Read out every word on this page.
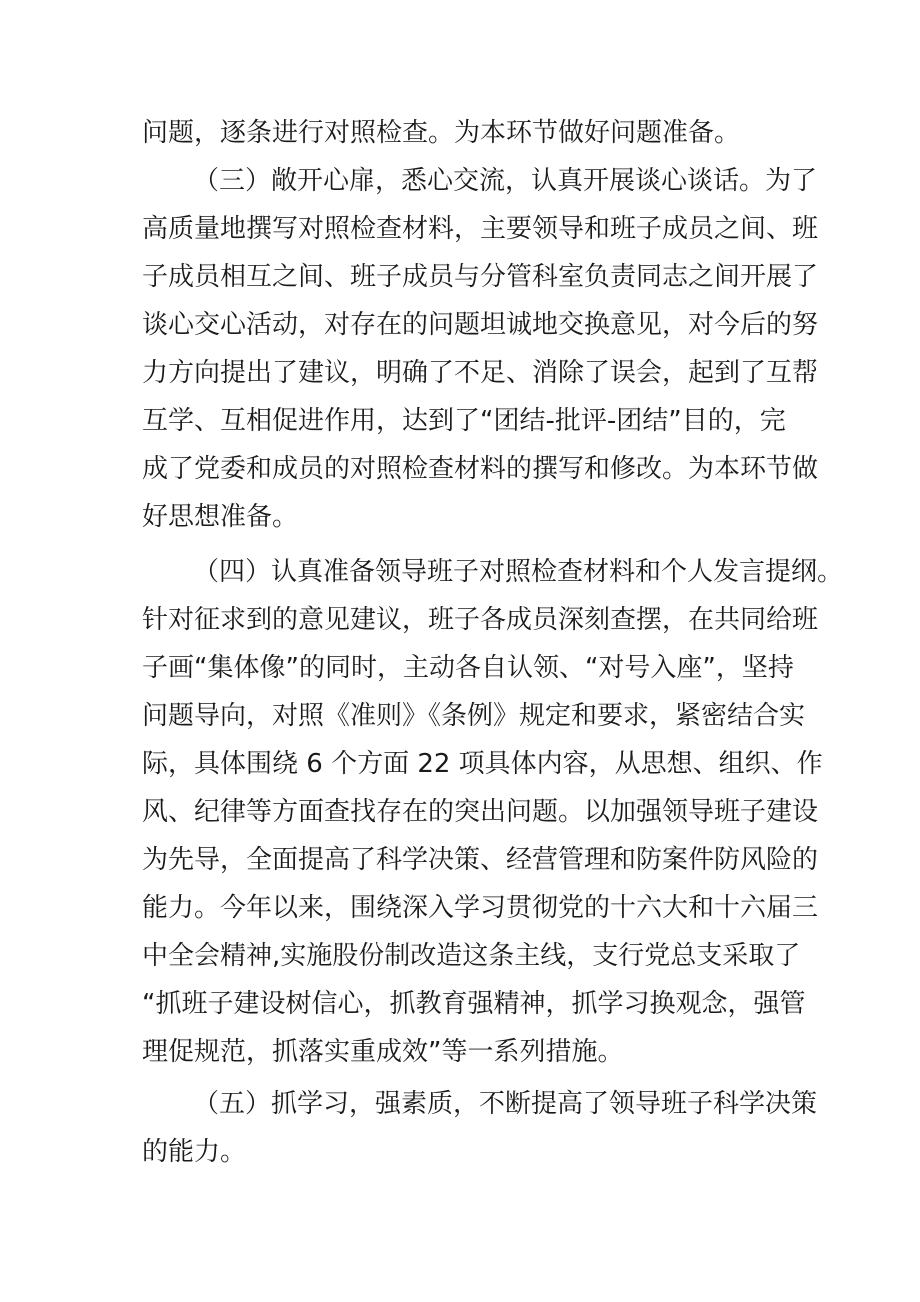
问题，逐条进行对照检查。为本环节做好问题准备。
（三）敞开心扉，悉心交流，认真开展谈心谈话。为了
高质量地撰写对照检查材料，主要领导和班子成员之间、班
子成员相互之间、班子成员与分管科室负责同志之间开展了
谈心交心活动，对存在的问题坦诚地交换意见，对今后的努
力方向提出了建议，明确了不足、消除了误会，起到了互帮
互学、互相促进作用，达到了“团结-批评-团结”目的，完
成了党委和成员的对照检查材料的撰写和修改。为本环节做
好思想准备。
（四）认真准备领导班子对照检查材料和个人发言提纲。
针对征求到的意见建议，班子各成员深刻查摆，在共同给班
子画“集体像”的同时，主动各自认领、“对号入座”，坚持
问题导向，对照《准则》《条例》规定和要求，紧密结合实
际，具体围绕 6 个方面 22 项具体内容，从思想、组织、作
风、纪律等方面查找存在的突出问题。以加强领导班子建设
为先导，全面提高了科学决策、经营管理和防案件防风险的
能力。今年以来，围绕深入学习贯彻党的十六大和十六届三
中全会精神,实施股份制改造这条主线，支行党总支采取了
“抓班子建设树信心，抓教育强精神，抓学习换观念，强管
理促规范，抓落实重成效”等一系列措施。
（五）抓学习，强素质，不断提高了领导班子科学决策
的能力。
